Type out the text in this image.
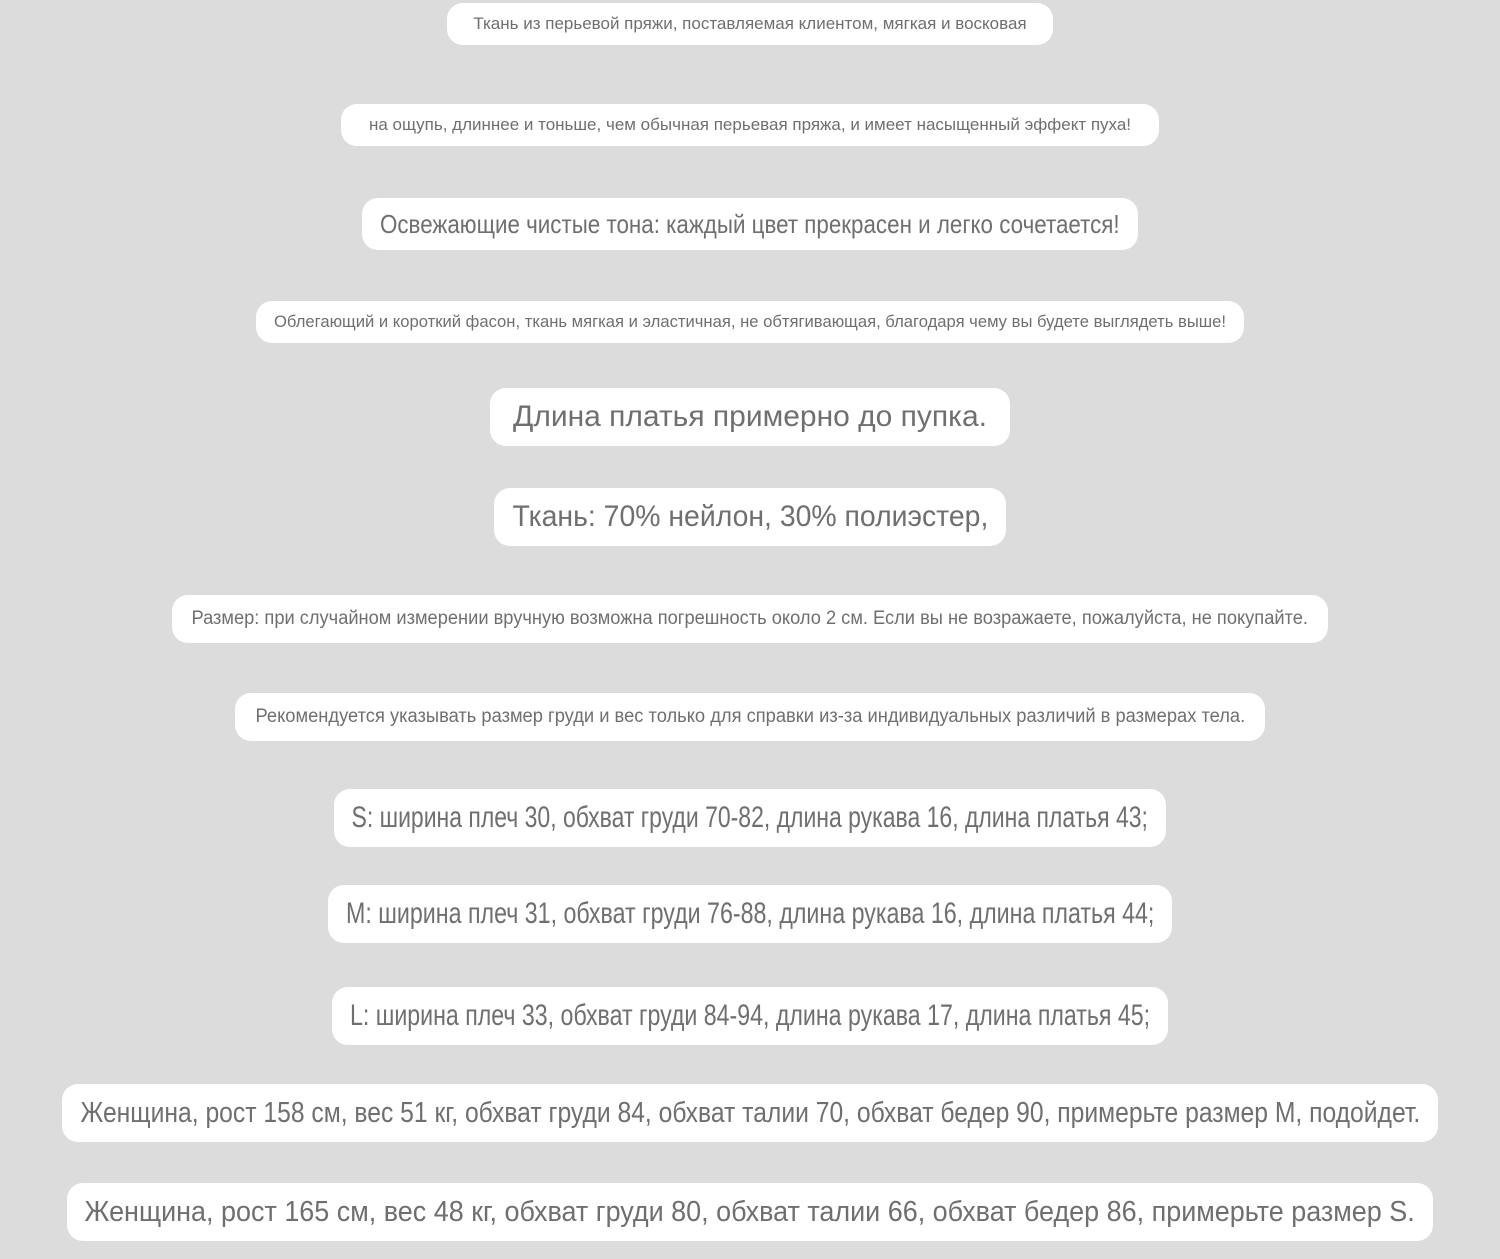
Ткань из перьевой пряжи, поставляемая клиентом, мягкая и восковая
на ощупь, длиннее и тоньше, чем обычная перьевая пряжа, и имеет насыщенный эффект пуха!
Освежающие чистые тона: каждый цвет прекрасен и легко сочетается!
Облегающий и короткий фасон, ткань мягкая и эластичная, не обтягивающая, благодаря чему вы будете выглядеть выше!
Длина платья примерно до пупка.
Ткань: 70% нейлон, 30% полиэстер,
Размер: при случайном измерении вручную возможна погрешность около 2 см. Если вы не возражаете, пожалуйста, не покупайте.
Рекомендуется указывать размер груди и вес только для справки из-за индивидуальных различий в размерах тела.
S: ширина плеч 30, обхват груди 70-82, длина рукава 16, длина платья 43;
M: ширина плеч 31, обхват груди 76-88, длина рукава 16, длина платья 44;
L: ширина плеч 33, обхват груди 84-94, длина рукава 17, длина платья 45;
Женщина, рост 158 см, вес 51 кг, обхват груди 84, обхват талии 70, обхват бедер 90, примерьте размер M, подойдет.
Женщина, рост 165 см, вес 48 кг, обхват груди 80, обхват талии 66, обхват бедер 86, примерьте размер S.
